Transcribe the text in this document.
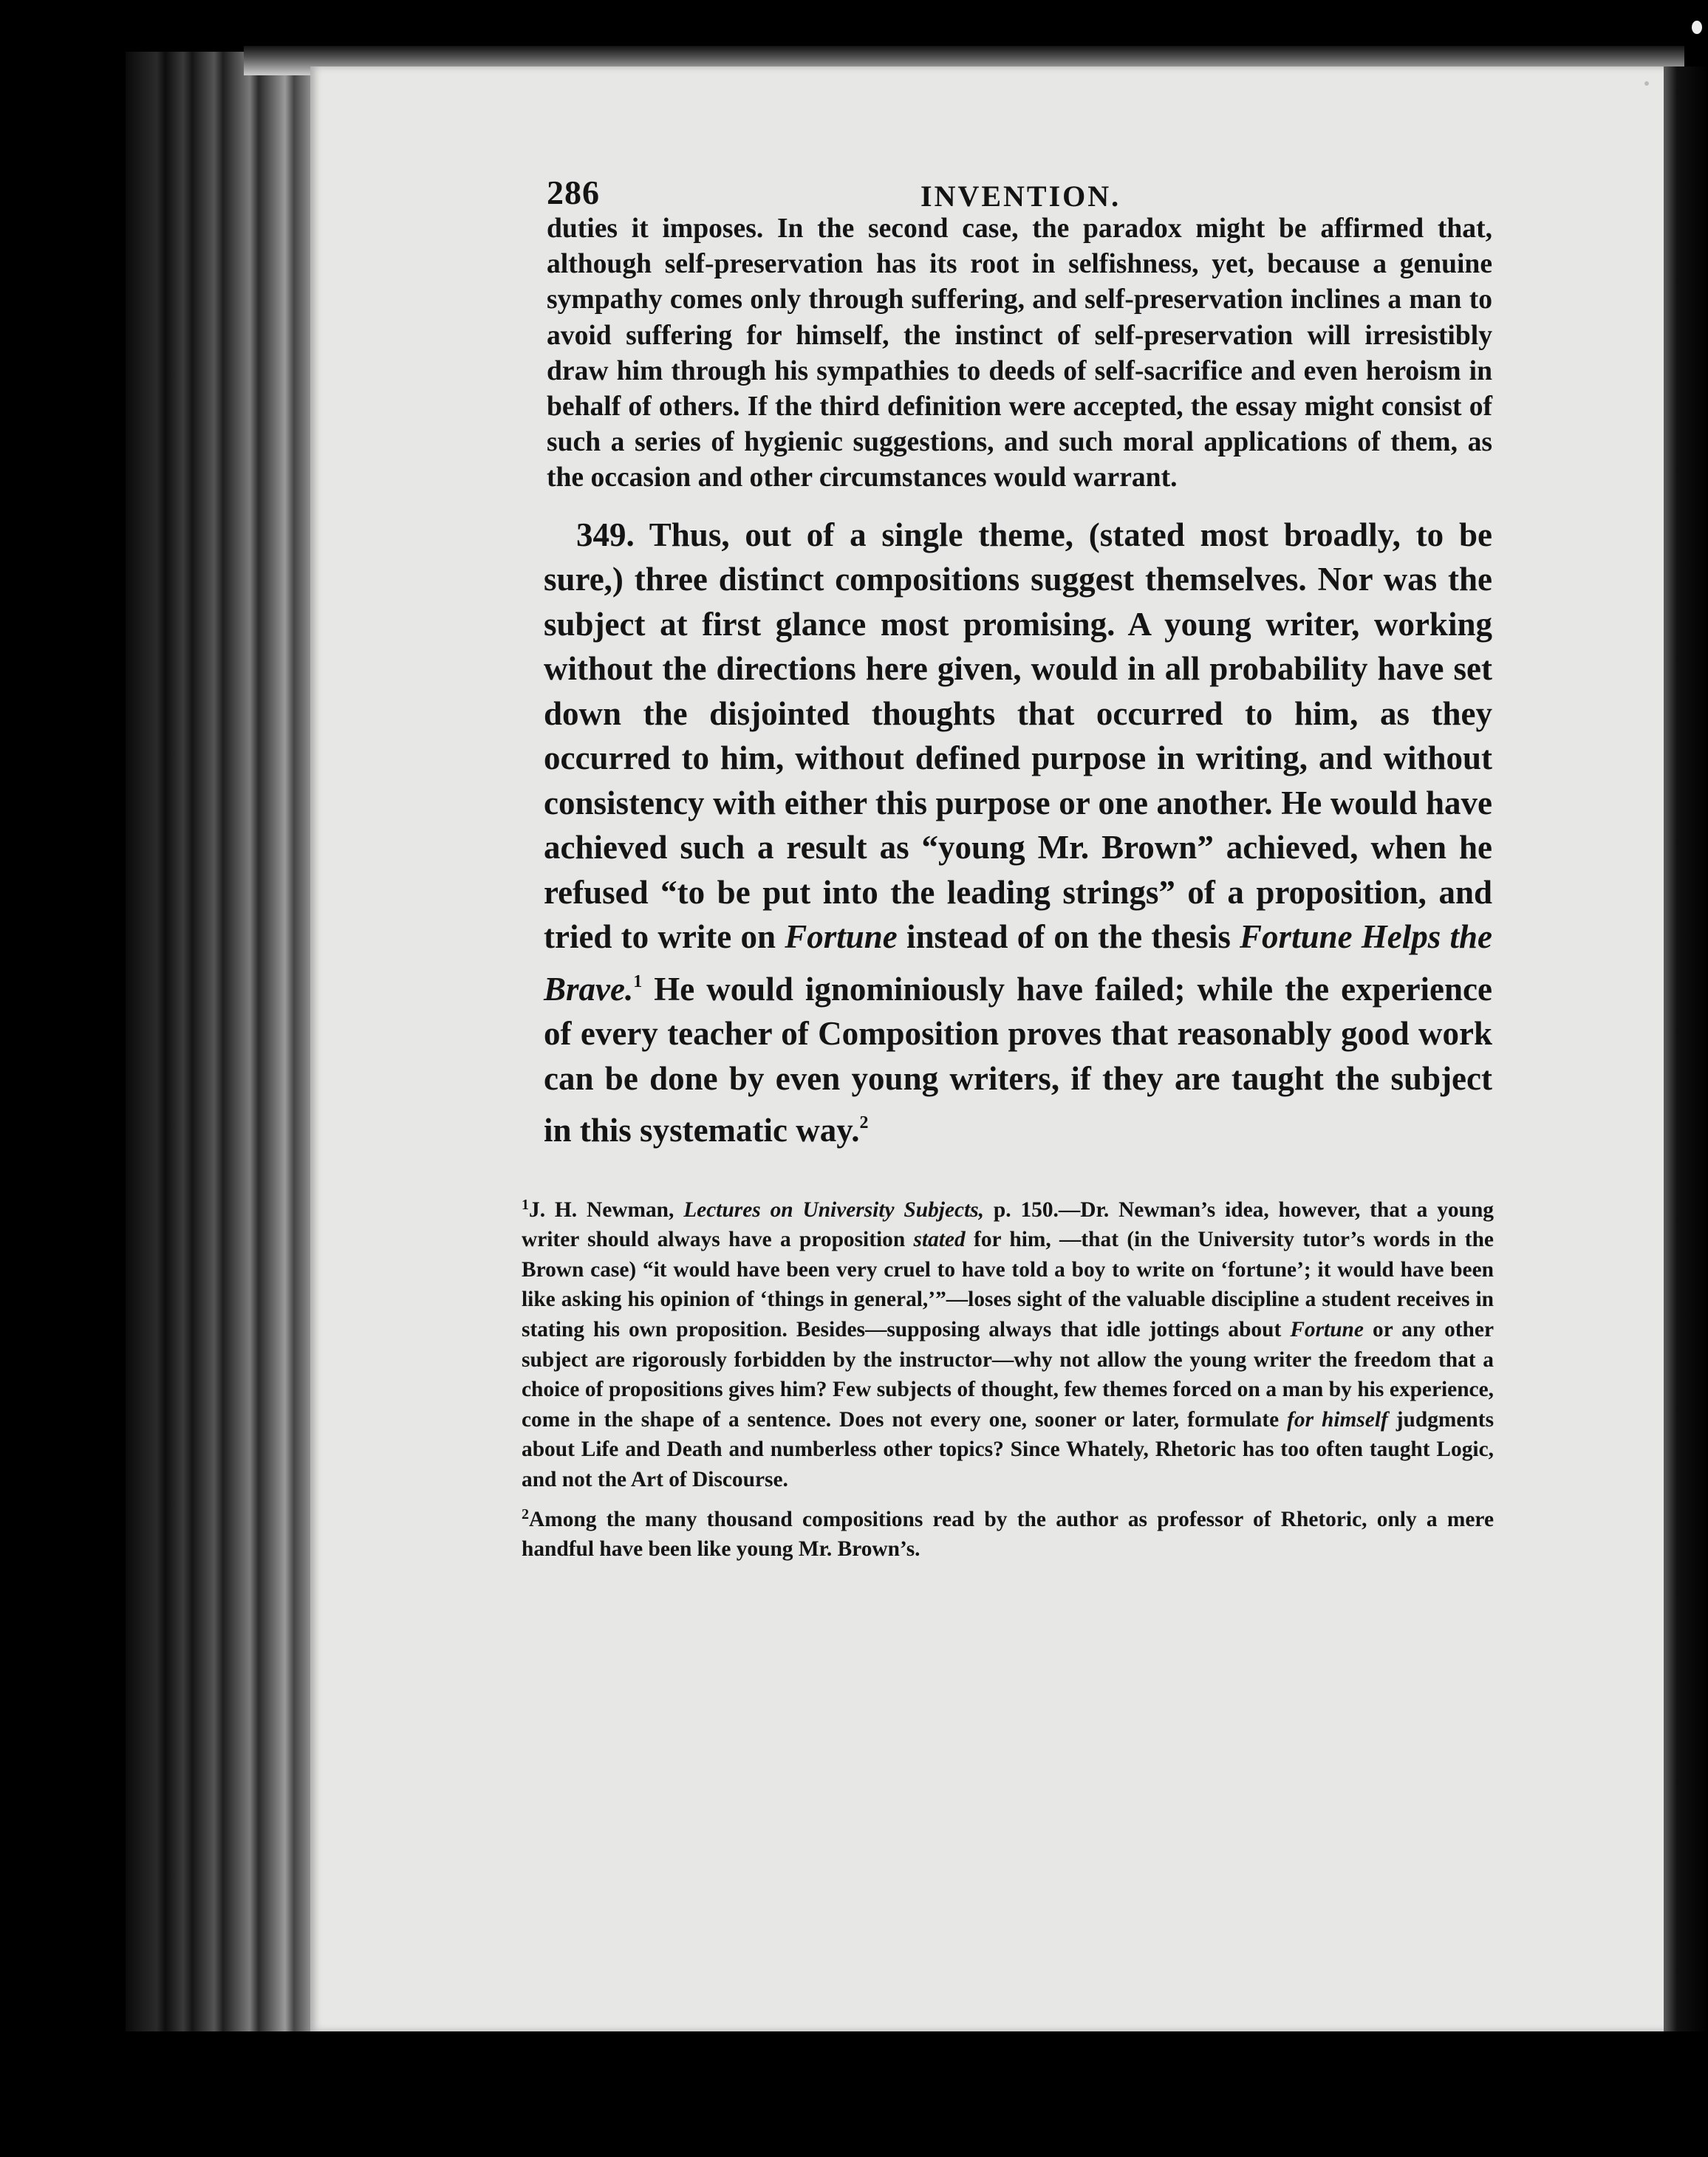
286	INVENTION.

duties it imposes. In the second case, the paradox might be affirmed that, although self-preservation has its root in selfishness, yet, because a genuine sympathy comes only through suffering, and self-preservation inclines a man to avoid suffering for himself, the instinct of self-preservation will irresistibly draw him through his sympathies to deeds of self-sacrifice and even heroism in behalf of others. If the third definition were accepted, the essay might consist of such a series of hygienic suggestions, and such moral applications of them, as the occasion and other circumstances would warrant.

349. Thus, out of a single theme, (stated most broadly, to be sure,) three distinct compositions suggest themselves. Nor was the subject at first glance most promising. A young writer, working without the directions here given, would in all probability have set down the disjointed thoughts that occurred to him, as they occurred to him, without defined purpose in writing, and without consistency with either this purpose or one another. He would have achieved such a result as “young Mr. Brown” achieved, when he refused “to be put into the leading strings” of a proposition, and tried to write on Fortune instead of on the thesis Fortune Helps the Brave.$^1$ He would ignominiously have failed; while the experience of every teacher of Composition proves that reasonably good work can be done by even young writers, if they are taught the subject in this systematic way.$^2$

$^1$J. H. Newman, Lectures on University Subjects, p. 150.—Dr. Newman’s idea, however, that a young writer should always have a proposition stated for him, —that (in the University tutor’s words in the Brown case) “it would have been very cruel to have told a boy to write on ‘fortune’; it would have been like asking his opinion of ‘things in general,’”—loses sight of the valuable discipline a student receives in stating his own proposition. Besides—supposing always that idle jottings about Fortune or any other subject are rigorously forbidden by the instructor—why not allow the young writer the freedom that a choice of propositions gives him? Few subjects of thought, few themes forced on a man by his experience, come in the shape of a sentence. Does not every one, sooner or later, formulate for himself judgments about Life and Death and numberless other topics? Since Whately, Rhetoric has too often taught Logic, and not the Art of Discourse.

$^2$Among the many thousand compositions read by the author as professor of Rhetoric, only a mere handful have been like young Mr. Brown’s.
